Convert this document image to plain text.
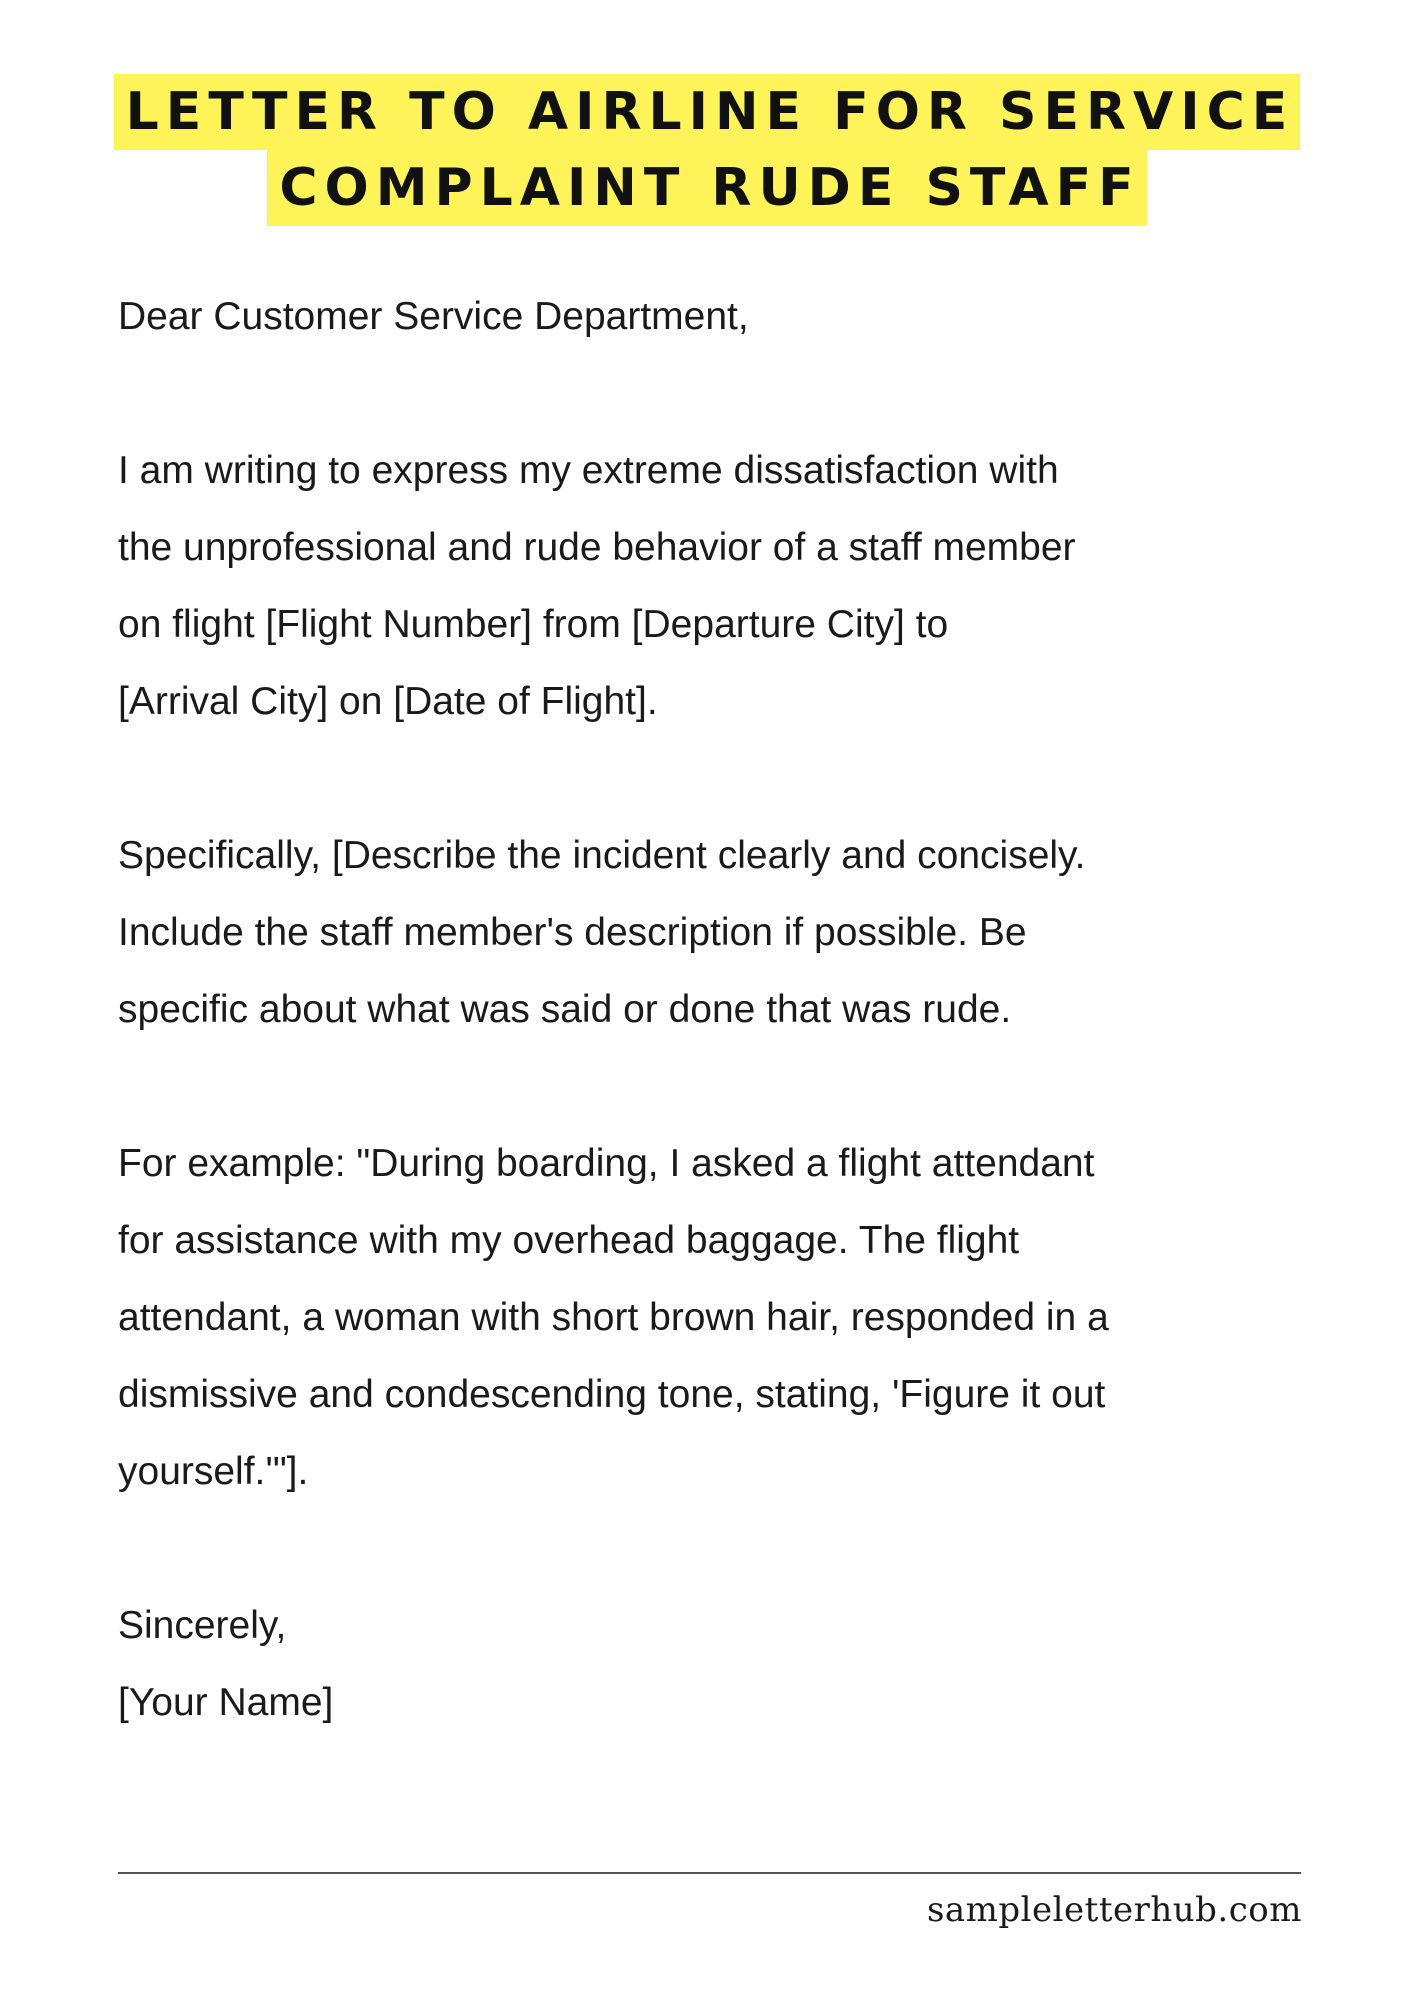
LETTER TO AIRLINE FOR SERVICE
COMPLAINT RUDE STAFF

Dear Customer Service Department,

I am writing to express my extreme dissatisfaction with
the unprofessional and rude behavior of a staff member
on flight [Flight Number] from [Departure City] to
[Arrival City] on [Date of Flight].

Specifically, [Describe the incident clearly and concisely.
Include the staff member's description if possible. Be
specific about what was said or done that was rude.

For example: "During boarding, I asked a flight attendant
for assistance with my overhead baggage. The flight
attendant, a woman with short brown hair, responded in a
dismissive and condescending tone, stating, 'Figure it out
yourself.'"].

Sincerely,
[Your Name]

sampleletterhub.com
